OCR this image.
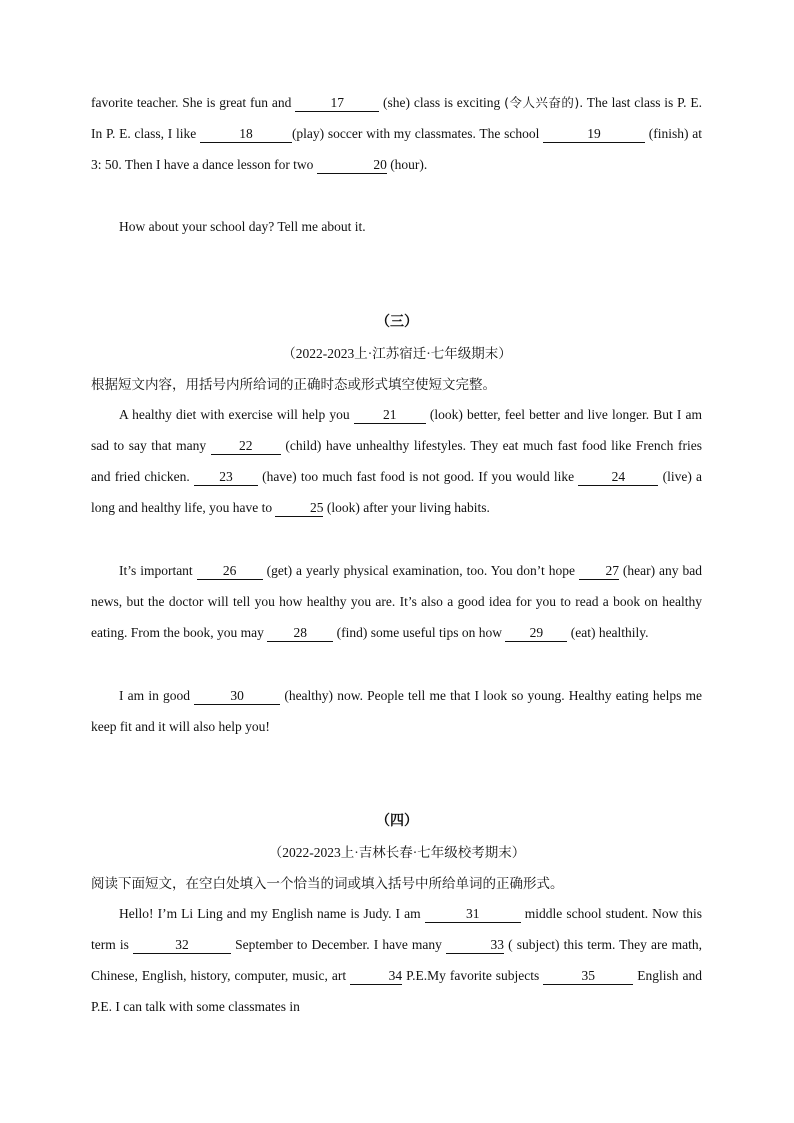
favorite teacher. She is great fun and	17	(she) class is exciting (令人兴奋的). The last class is P. E. In P. E. class, I like	18	(play) soccer with my classmates. The school	19	(finish) at 3: 50. Then I have a dance lesson for two	20 (hour).

How about your school day? Tell me about it.

（三）

（2022-2023上·江苏宿迁·七年级期末）

根据短文内容，用括号内所给词的正确时态或形式填空使短文完整。

A healthy diet with exercise will help you 21 (look) better, feel better and live longer. But I am sad to say that many 22 (child) have unhealthy lifestyles. They eat much fast food like French fries and fried chicken. 23 (have) too much fast food is not good. If you would like 24 (live) a long and healthy life, you have to	25 (look) after your living habits.

It’s important 26 (get) a yearly physical examination, too. You don’t hope 27 (hear) any bad news, but the doctor will tell you how healthy you are. It’s also a good idea for you to read a book on healthy eating. From the book, you may 28 (find) some useful tips on how 29 (eat) healthily.

I am in good	30	(healthy) now. People tell me that I look so young. Healthy eating helps me keep fit and it will also help you!

（四）

（2022-2023上·吉林长春·七年级校考期末）

阅读下面短文，在空白处填入一个恰当的词或填入括号中所给单词的正确形式。

Hello! I’m Li Ling and my English name is Judy. I am	31	middle school student. Now this term is	32	September to December. I have many	33 ( subject) this term. They are math, Chinese, English, history, computer, music, art	34 P.E.My favorite subjects	35	English and P.E. I can talk with some classmates in
